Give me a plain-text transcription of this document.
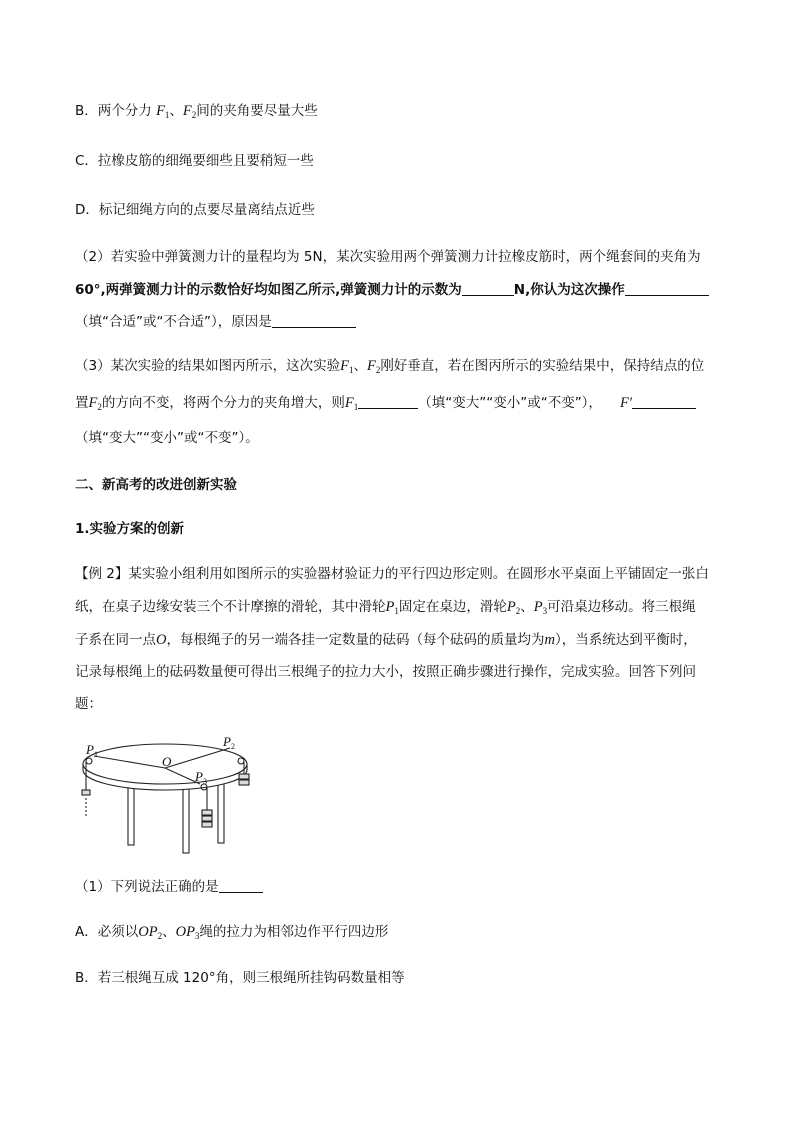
B．两个分力 $F_1$、$F_2$间的夹角要尽量大些
C．拉橡皮筋的细绳要细些且要稍短一些
D．标记细绳方向的点要尽量离结点近些
（2）若实验中弹簧测力计的量程均为 5N，某次实验用两个弹簧测力计拉橡皮筋时，两个绳套间的夹角为
60°,两弹簧测力计的示数恰好均如图乙所示,弹簧测力计的示数为	N,你认为这次操作
（填“合适”或“不合适”），原因是
（3）某次实验的结果如图丙所示，这次实验$F_1$、$F_2$刚好垂直，若在图丙所示的实验结果中，保持结点的位
置$F_2$的方向不变，将两个分力的夹角增大，则$F_1$	（填“变大”“变小”或“不变”）， F′
（填“变大”“变小”或“不变”）。
二、新高考的改进创新实验
1.实验方案的创新
【例 2】某实验小组利用如图所示的实验器材验证力的平行四边形定则。在圆形水平桌面上平铺固定一张白
纸，在桌子边缘安装三个不计摩擦的滑轮，其中滑轮$P_1$固定在桌边，滑轮$P_2$、$P_3$可沿桌边移动。将三根绳
子系在同一点O，每根绳子的另一端各挂一定数量的砝码（每个砝码的质量均为m），当系统达到平衡时，
记录每根绳上的砝码数量便可得出三根绳子的拉力大小，按照正确步骤进行操作，完成实验。回答下列问
题：
$P_1$
$P_2$
$P_3$
O
（1）下列说法正确的是
A．必须以$OP_2$、$OP_3$绳的拉力为相邻边作平行四边形
B．若三根绳互成 120°角，则三根绳所挂钩码数量相等
